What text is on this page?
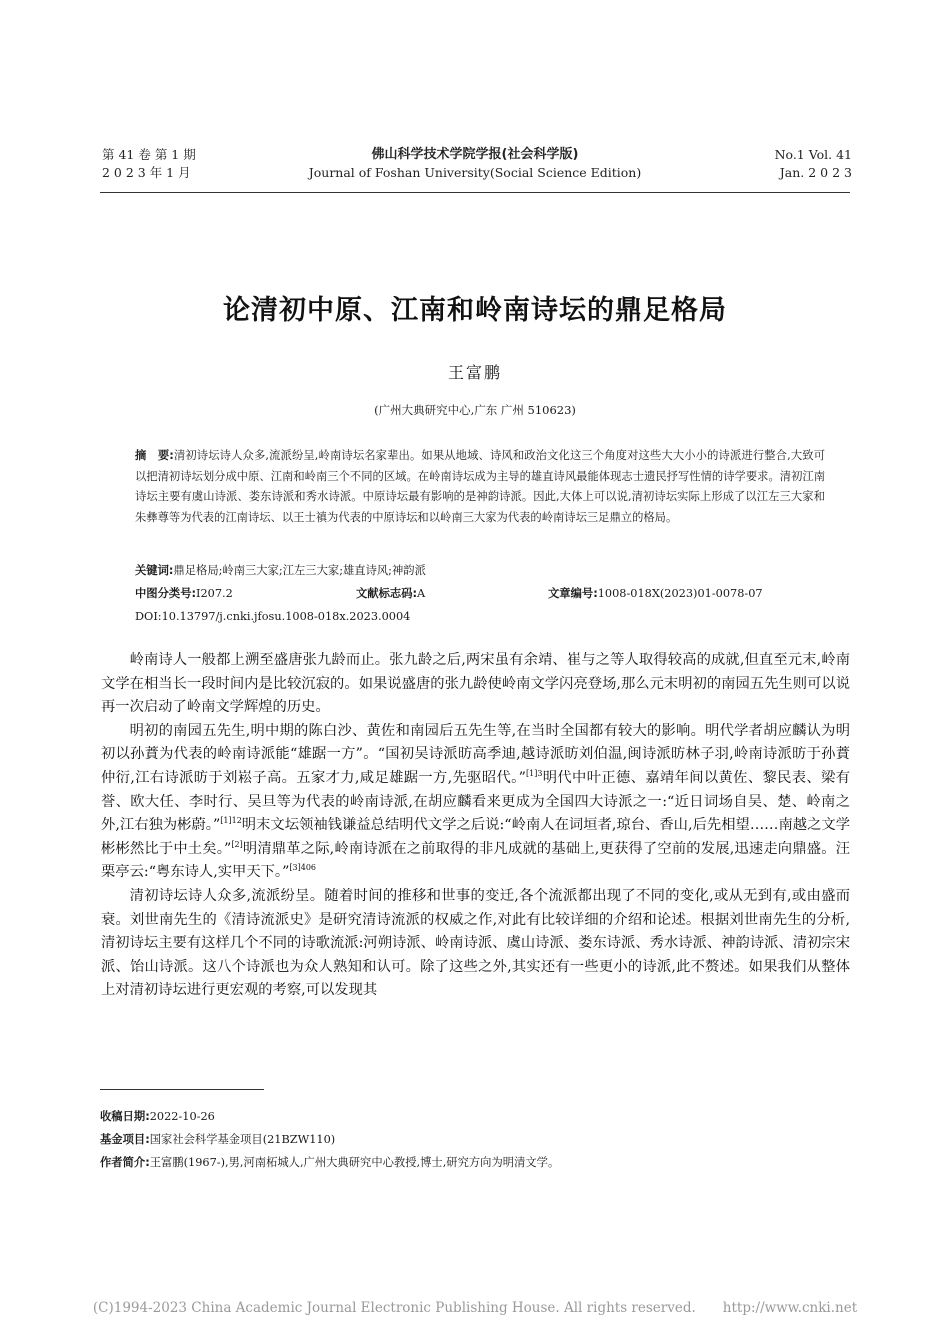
第 41 卷 第 1 期
2 0 2 3 年 1 月
佛山科学技术学院学报(社会科学版)
Journal of Foshan University(Social Science Edition)
No.1 Vol. 41
Jan. 2 0 2 3
论清初中原、江南和岭南诗坛的鼎足格局
王富鹏
(广州大典研究中心,广东 广州 510623)
摘　要:清初诗坛诗人众多,流派纷呈,岭南诗坛名家辈出。如果从地域、诗风和政治文化这三个角度对这些大大小小的诗派进行整合,大致可以把清初诗坛划分成中原、江南和岭南三个不同的区域。在岭南诗坛成为主导的雄直诗风最能体现志士遗民抒写性情的诗学要求。清初江南诗坛主要有虞山诗派、娄东诗派和秀水诗派。中原诗坛最有影响的是神韵诗派。因此,大体上可以说,清初诗坛实际上形成了以江左三大家和朱彝尊等为代表的江南诗坛、以王士禛为代表的中原诗坛和以岭南三大家为代表的岭南诗坛三足鼎立的格局。
关键词:鼎足格局;岭南三大家;江左三大家;雄直诗风;神韵派
中图分类号:I207.2	文献标志码:A	文章编号:1008-018X(2023)01-0078-07
DOI:10.13797/j.cnki.jfosu.1008-018x.2023.0004

岭南诗人一般都上溯至盛唐张九龄而止。张九龄之后,两宋虽有余靖、崔与之等人取得较高的成就,但直至元末,岭南文学在相当长一段时间内是比较沉寂的。如果说盛唐的张九龄使岭南文学闪亮登场,那么元末明初的南园五先生则可以说再一次启动了岭南文学辉煌的历史。

明初的南园五先生,明中期的陈白沙、黄佐和南园后五先生等,在当时全国都有较大的影响。明代学者胡应麟认为明初以孙蕡为代表的岭南诗派能“雄踞一方”。“国初吴诗派昉高季迪,越诗派昉刘伯温,闽诗派昉林子羽,岭南诗派昉于孙蕡仲衍,江右诗派昉于刘崧子高。五家才力,咸足雄踞一方,先驱昭代。”$^{[1]3}$明代中叶正德、嘉靖年间以黄佐、黎民表、梁有誉、欧大任、李时行、吴旦等为代表的岭南诗派,在胡应麟看来更成为全国四大诗派之一:“近日词场自吴、楚、岭南之外,江右独为彬蔚。”$^{[1]12}$明末文坛领袖钱谦益总结明代文学之后说:“岭南人在词垣者,琼台、香山,后先相望……南越之文学彬彬然比于中土矣。”[2]明清鼎革之际,岭南诗派在之前取得的非凡成就的基础上,更获得了空前的发展,迅速走向鼎盛。汪栗亭云:“粤东诗人,实甲天下。”$^{[3]406}$

清初诗坛诗人众多,流派纷呈。随着时间的推移和世事的变迁,各个流派都出现了不同的变化,或从无到有,或由盛而衰。刘世南先生的《清诗流派史》是研究清诗流派的权威之作,对此有比较详细的介绍和论述。根据刘世南先生的分析,清初诗坛主要有这样几个不同的诗歌流派:河朔诗派、岭南诗派、虞山诗派、娄东诗派、秀水诗派、神韵诗派、清初宗宋派、饴山诗派。这八个诗派也为众人熟知和认可。除了这些之外,其实还有一些更小的诗派,此不赘述。如果我们从整体上对清初诗坛进行更宏观的考察,可以发现其

收稿日期:2022-10-26
基金项目:国家社会科学基金项目(21BZW110)
作者简介:王富鹏(1967-),男,河南柘城人,广州大典研究中心教授,博士,研究方向为明清文学。
(C)1994-2023 China Academic Journal Electronic Publishing House. All rights reserved.　　http://www.cnki.net
